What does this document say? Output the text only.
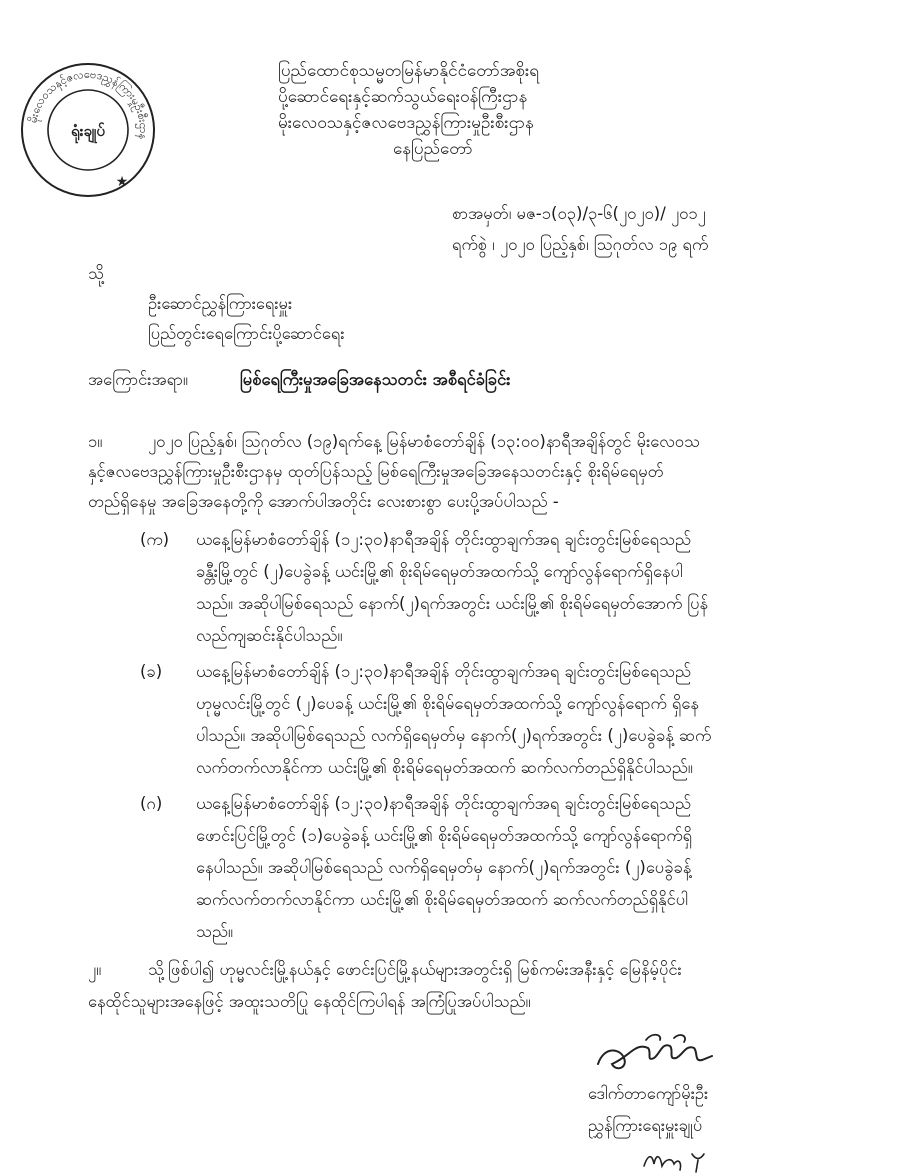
မိုးလေဝသနှင့်ဇလဗေဒညွှန်ကြားမှုဦးစီးဌာန
ရုံးချုပ်
★
ပြည်ထောင်စုသမ္မတမြန်မာနိုင်ငံတော်အစိုးရ
ပို့ဆောင်ရေးနှင့်ဆက်သွယ်ရေးဝန်ကြီးဌာန
မိုးလေဝသနှင့်ဇလဗေဒညွှန်ကြားမှုဦးစီးဌာန
နေပြည်တော်
စာအမှတ်၊ မဇ-၁(၀၃)/၃-၆(၂၀၂၀)/ ၂၀၁၂
ရက်စွဲ ၊ ၂၀၂၀ ပြည့်နှစ်၊ ဩဂုတ်လ ၁၉ ရက်
သို့
ဦးဆောင်ညွှန်ကြားရေးမှူး
ပြည်တွင်းရေကြောင်းပို့ဆောင်ရေး
အကြောင်းအရာ။	မြစ်ရေကြီးမှုအခြေအနေသတင်း အစီရင်ခံခြင်း
၁။	၂၀၂၀ ပြည့်နှစ်၊ ဩဂုတ်လ (၁၉)ရက်နေ့ မြန်မာစံတော်ချိန် (၁၃:၀၀)နာရီအချိန်တွင် မိုးလေဝသ
နှင့်ဇလဗေဒညွှန်ကြားမှုဦးစီးဌာနမှ ထုတ်ပြန်သည့် မြစ်ရေကြီးမှုအခြေအနေသတင်းနှင့် စိုးရိမ်ရေမှတ်
တည်ရှိနေမှု အခြေအနေတို့ကို အောက်ပါအတိုင်း လေးစားစွာ ပေးပို့အပ်ပါသည် -
(က) ယနေ့မြန်မာစံတော်ချိန် (၁၂:၃၀)နာရီအချိန် တိုင်းထွာချက်အရ ချင်းတွင်းမြစ်ရေသည်
ခန္တီးမြို့တွင် (၂)ပေခွဲခန့် ယင်းမြို့၏ စိုးရိမ်ရေမှတ်အထက်သို့ ကျော်လွန်ရောက်ရှိနေပါ
သည်။ အဆိုပါမြစ်ရေသည် နောက်(၂)ရက်အတွင်း ယင်းမြို့၏ စိုးရိမ်ရေမှတ်အောက် ပြန်
လည်ကျဆင်းနိုင်ပါသည်။
(ခ) ယနေ့မြန်မာစံတော်ချိန် (၁၂:၃၀)နာရီအချိန် တိုင်းထွာချက်အရ ချင်းတွင်းမြစ်ရေသည်
ဟုမ္မလင်းမြို့တွင် (၂)ပေခန့် ယင်းမြို့၏ စိုးရိမ်ရေမှတ်အထက်သို့ ကျော်လွန်ရောက် ရှိနေ
ပါသည်။ အဆိုပါမြစ်ရေသည် လက်ရှိရေမှတ်မှ နောက်(၂)ရက်အတွင်း (၂)ပေခွဲခန့် ဆက်
လက်တက်လာနိုင်ကာ ယင်းမြို့၏ စိုးရိမ်ရေမှတ်အထက် ဆက်လက်တည်ရှိနိုင်ပါသည်။
(ဂ) ယနေ့မြန်မာစံတော်ချိန် (၁၂:၃၀)နာရီအချိန် တိုင်းထွာချက်အရ ချင်းတွင်းမြစ်ရေသည်
ဖောင်းပြင်မြို့တွင် (၁)ပေခွဲခန့် ယင်းမြို့၏ စိုးရိမ်ရေမှတ်အထက်သို့ ကျော်လွန်ရောက်ရှိ
နေပါသည်။ အဆိုပါမြစ်ရေသည် လက်ရှိရေမှတ်မှ နောက်(၂)ရက်အတွင်း (၂)ပေခွဲခန့်
ဆက်လက်တက်လာနိုင်ကာ ယင်းမြို့၏ စိုးရိမ်ရေမှတ်အထက် ဆက်လက်တည်ရှိနိုင်ပါ
သည်။
၂။	သို့ဖြစ်ပါ၍ ဟုမ္မလင်းမြို့နယ်နှင့် ဖောင်းပြင်မြို့နယ်များအတွင်းရှိ မြစ်ကမ်းအနီးနှင့် မြေနိမ့်ပိုင်း
နေထိုင်သူများအနေဖြင့် အထူးသတိပြု နေထိုင်ကြပါရန် အကြံပြုအပ်ပါသည်။
ဒေါက်တာကျော်မိုးဦး
ညွှန်ကြားရေးမှူးချုပ်
